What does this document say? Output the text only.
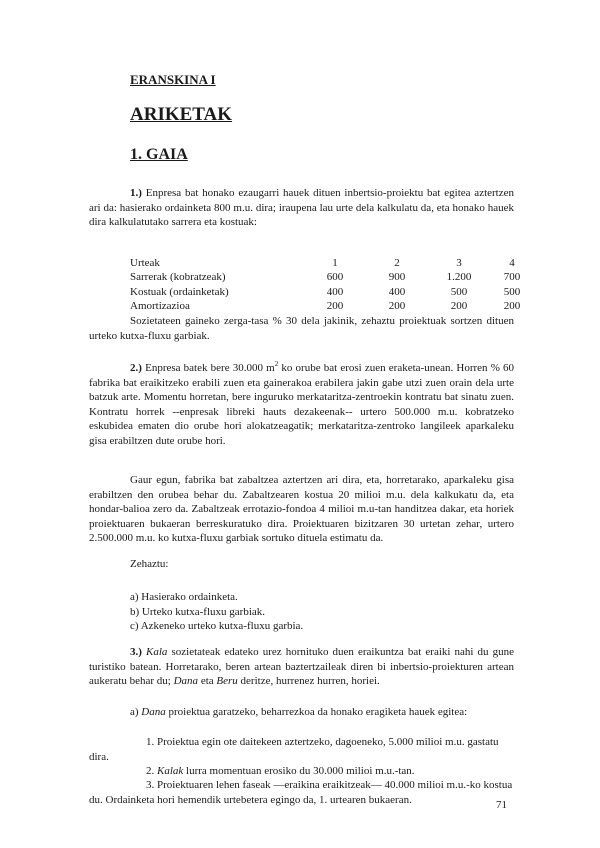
ERANSKINA I
ARIKETAK
1. GAIA
1.) Enpresa bat honako ezaugarri hauek dituen inbertsio-proiektu bat egitea aztertzen ari da: hasierako ordainketa 800 m.u. dira; iraupena lau urte dela kalkulatu da, eta honako hauek dira kalkulatutako sarrera eta kostuak:
Urteak	1	2	3	4
Sarrerak (kobratzeak)	600	900	1.200	700
Kostuak (ordainketak)	400	400	500	500
Amortizazioa	200	200	200	200
Sozietateen gaineko zerga-tasa % 30 dela jakinik, zehaztu proiektuak sortzen dituen urteko kutxa-fluxu garbiak.
2.) Enpresa batek bere 30.000 $m^2$ ko orube bat erosi zuen eraketa-unean. Horren % 60 fabrika bat eraikitzeko erabili zuen eta gainerakoa erabilera jakin gabe utzi zuen orain dela urte batzuk arte. Momentu horretan, bere inguruko merkataritza-zentroekin kontratu bat sinatu zuen. Kontratu horrek --enpresak libreki hauts dezakeenak-- urtero 500.000 m.u. kobratzeko eskubidea ematen dio orube hori alokatzeagatik; merkataritza-zentroko langileek aparkaleku gisa erabiltzen dute orube hori.
Gaur egun, fabrika bat zabaltzea aztertzen ari dira, eta, horretarako, aparkaleku gisa erabiltzen den orubea behar du. Zabaltzearen kostua 20 milioi m.u. dela kalkukatu da, eta hondar-balioa zero da. Zabaltzeak errotazio-fondoa 4 milioi m.u-tan handitzea dakar, eta horiek proiektuaren bukaeran berreskuratuko dira. Proiektuaren bizitzaren 30 urtetan zehar, urtero 2.500.000 m.u. ko kutxa-fluxu garbiak sortuko dituela estimatu da.
Zehaztu:
a) Hasierako ordainketa.
b) Urteko kutxa-fluxu garbiak.
c) Azkeneko urteko kutxa-fluxu garbia.
3.) Kala sozietateak edateko urez hornituko duen eraikuntza bat eraiki nahi du gune turistiko batean. Horretarako, beren artean baztertzaileak diren bi inbertsio-proiekturen artean aukeratu behar du; Dana eta Beru deritze, hurrenez hurren, horiei.
a) Dana proiektua garatzeko, beharrezkoa da honako eragiketa hauek egitea:
1. Proiektua egin ote daitekeen aztertzeko, dagoeneko, 5.000 milioi m.u. gastatu dira.
2. Kalak lurra momentuan erosiko du 30.000 milioi m.u.-tan.
3. Proiektuaren lehen faseak —eraikina eraikitzeak— 40.000 milioi m.u.-ko kostua du. Ordainketa hori hemendik urtebetera egingo da, 1. urtearen bukaeran.	71
